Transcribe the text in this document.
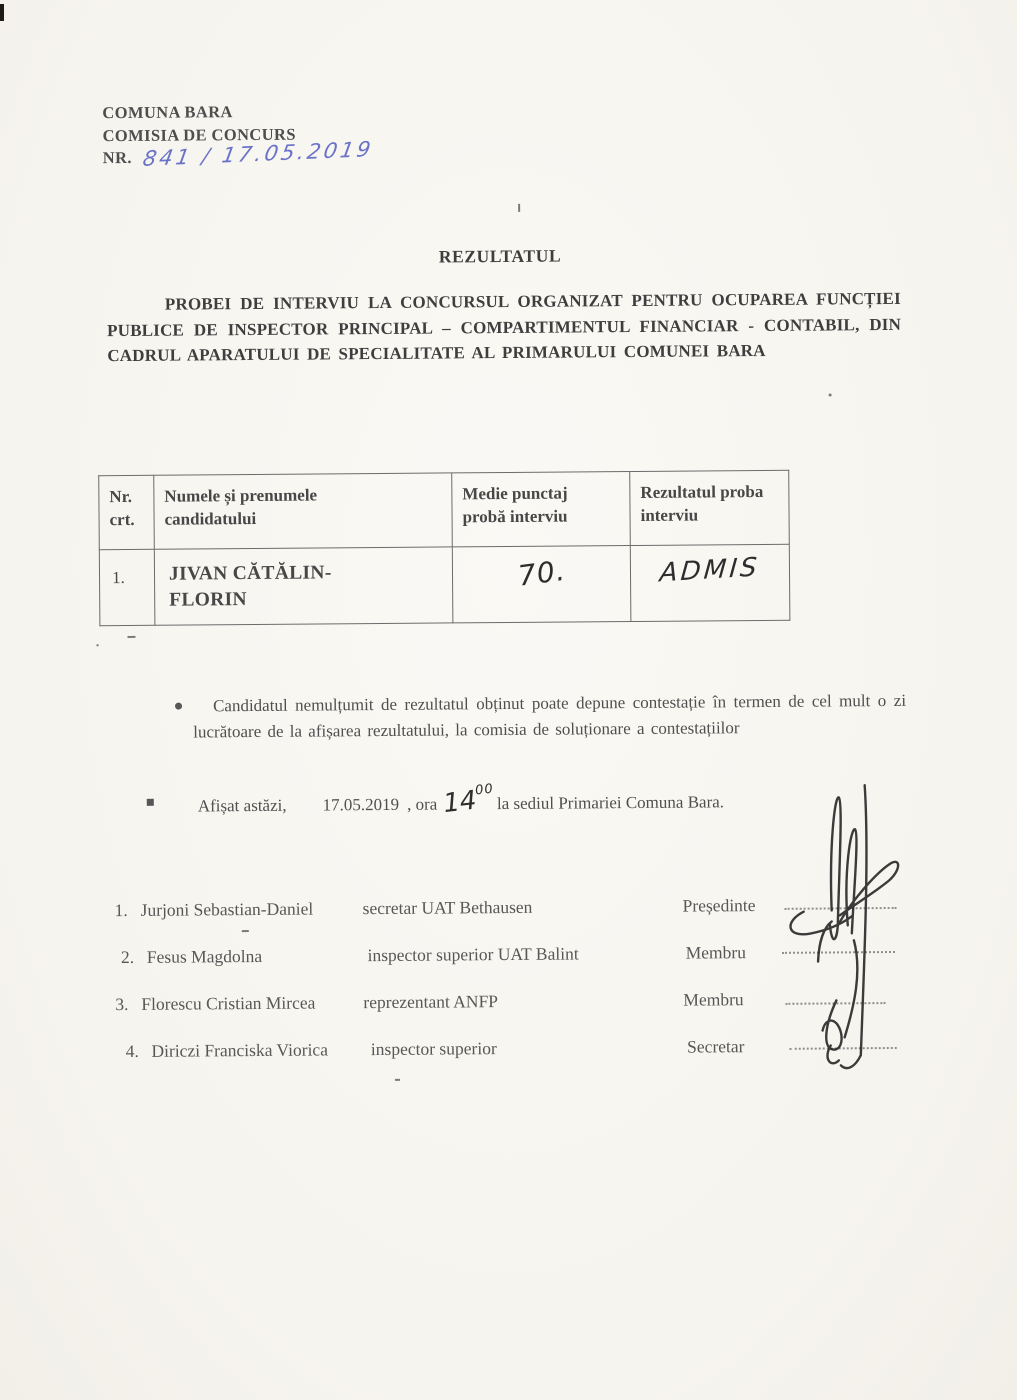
COMUNA BARA
COMISIA DE CONCURS
NR. 841 / 17.05.2019
REZULTATUL
PROBEI DE INTERVIU LA CONCURSUL ORGANIZAT PENTRU OCUPAREA FUNCȚIEI PUBLICE DE INSPECTOR PRINCIPAL – COMPARTIMENTUL FINANCIAR - CONTABIL, DIN CADRUL APARATULUI DE SPECIALITATE AL PRIMARULUI COMUNEI BARA
Nr. crt.	Numele și prenumele candidatului	Medie punctaj probă interviu	Rezultatul proba interviu

1.	JIVAN CĂTĂLIN-FLORIN	70.	ADMIS
Candidatul nemulțumit de rezultatul obținut poate depune contestație în termen de cel mult o zi lucrătoare de la afișarea rezultatului, la comisia de soluționare a contestațiilor
Afișat astăzi, 17.05.2019 , ora $14^{00}la$ sediul Primariei Comuna Bara.
1. Jurjoni Sebastian-Daniel	secretar UAT Bethausen	Președinte
2. Fesus Magdolna	inspector superior UAT Balint	Membru
3. Florescu Cristian Mircea	reprezentant ANFP	Membru
4. Diriczi Franciska Viorica	inspector superior	Secretar
